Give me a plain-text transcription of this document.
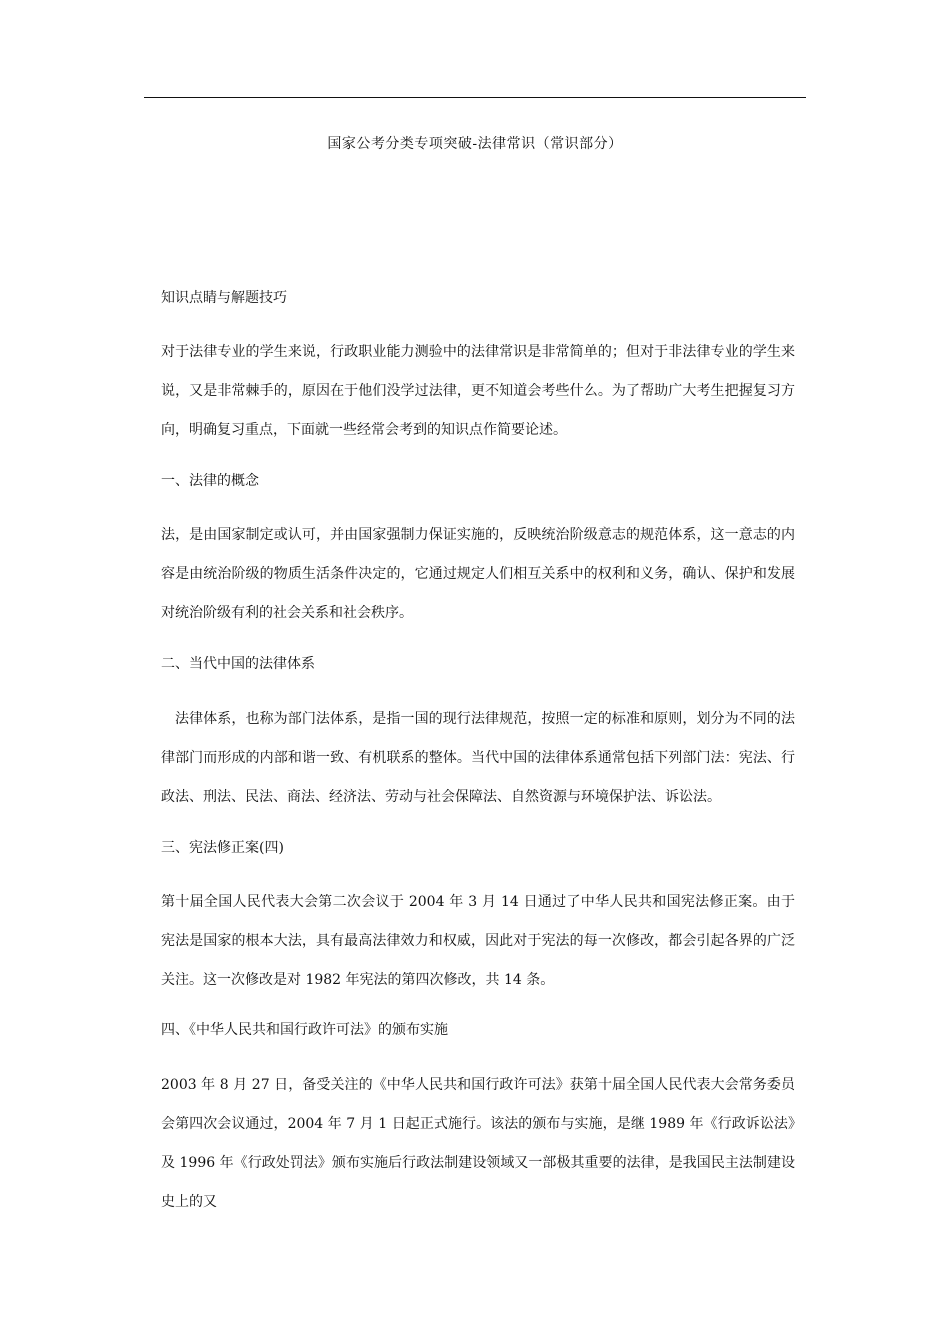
国家公考分类专项突破-法律常识（常识部分）
知识点睛与解题技巧

对于法律专业的学生来说，行政职业能力测验中的法律常识是非常简单的；但对于非法律专业的学生来说，又是非常棘手的，原因在于他们没学过法律，更不知道会考些什么。为了帮助广大考生把握复习方向，明确复习重点，下面就一些经常会考到的知识点作简要论述。

一、法律的概念

法，是由国家制定或认可，并由国家强制力保证实施的，反映统治阶级意志的规范体系，这一意志的内容是由统治阶级的物质生活条件决定的，它通过规定人们相互关系中的权利和义务，确认、保护和发展对统治阶级有利的社会关系和社会秩序。

二、当代中国的法律体系

法律体系，也称为部门法体系，是指一国的现行法律规范，按照一定的标准和原则，划分为不同的法律部门而形成的内部和谐一致、有机联系的整体。当代中国的法律体系通常包括下列部门法：宪法、行政法、刑法、民法、商法、经济法、劳动与社会保障法、自然资源与环境保护法、诉讼法。

三、宪法修正案(四)

第十届全国人民代表大会第二次会议于 2004 年 3 月 14 日通过了中华人民共和国宪法修正案。由于宪法是国家的根本大法，具有最高法律效力和权威，因此对于宪法的每一次修改，都会引起各界的广泛关注。这一次修改是对 1982 年宪法的第四次修改，共 14 条。

四、《中华人民共和国行政许可法》的颁布实施

2003 年 8 月 27 日，备受关注的《中华人民共和国行政许可法》获第十届全国人民代表大会常务委员会第四次会议通过，2004 年 7 月 1 日起正式施行。该法的颁布与实施，是继 1989 年《行政诉讼法》及 1996 年《行政处罚法》颁布实施后行政法制建设领域又一部极其重要的法律，是我国民主法制建设史上的又
